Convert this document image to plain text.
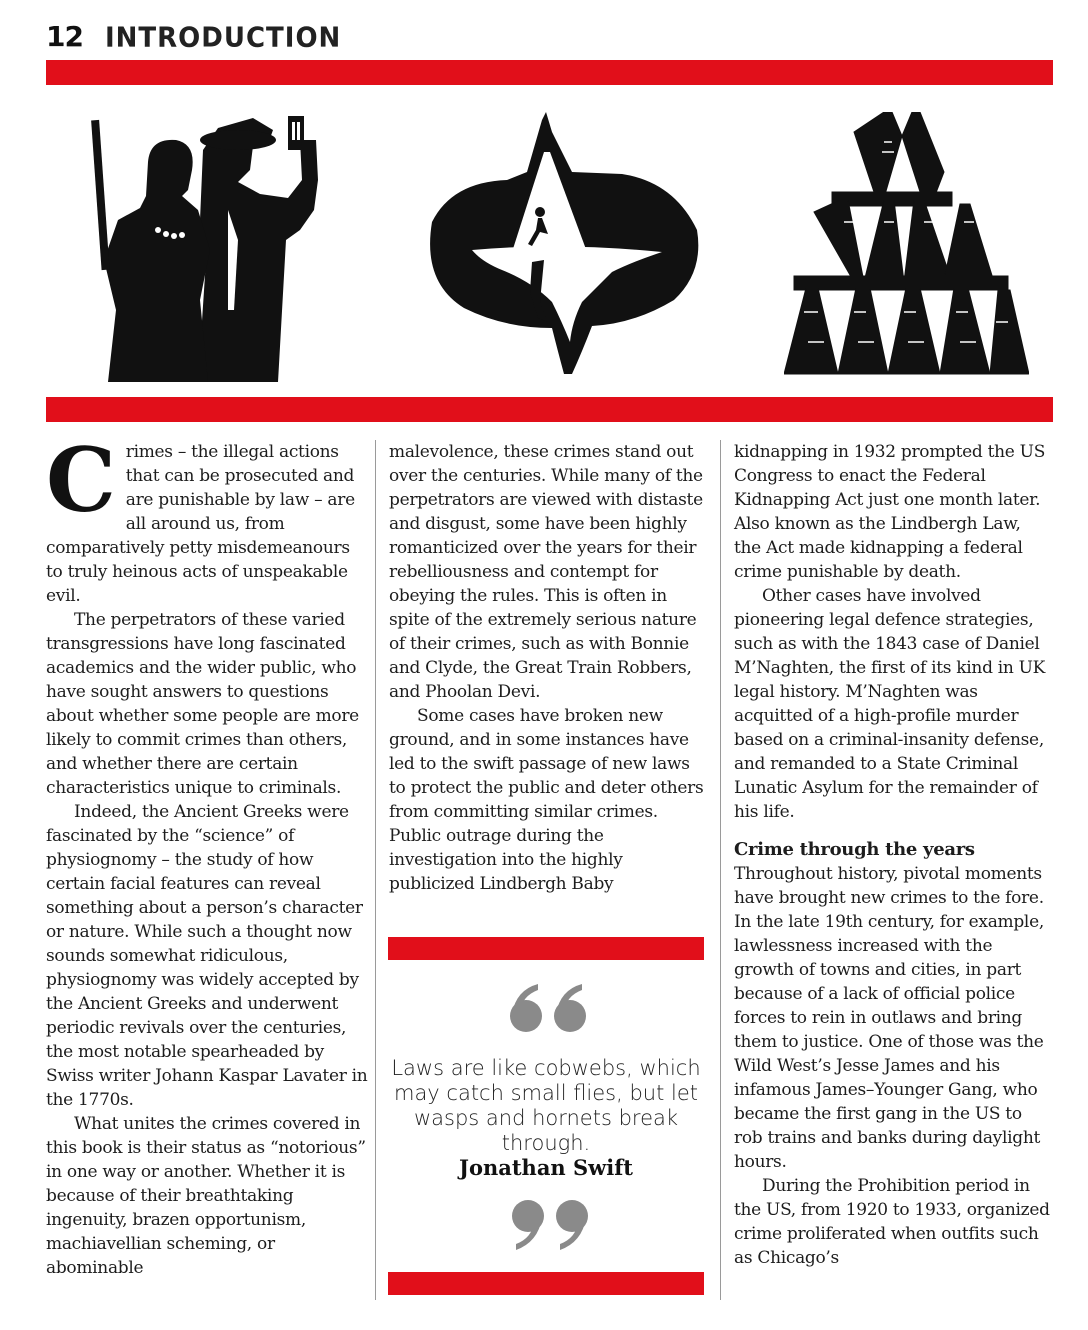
12 INTRODUCTION

Crimes – the illegal actions that can be prosecuted and are punishable by law – are all around us, from comparatively petty misdemeanours to truly heinous acts of unspeakable evil.

The perpetrators of these varied transgressions have long fascinated academics and the wider public, who have sought answers to questions about whether some people are more likely to commit crimes than others, and whether there are certain characteristics unique to criminals.

Indeed, the Ancient Greeks were fascinated by the “science” of physiognomy – the study of how certain facial features can reveal something about a person’s character or nature. While such a thought now sounds somewhat ridiculous, physiognomy was widely accepted by the Ancient Greeks and underwent periodic revivals over the centuries, the most notable spearheaded by Swiss writer Johann Kaspar Lavater in the 1770s.

What unites the crimes covered in this book is their status as “notorious” in one way or another. Whether it is because of their breathtaking ingenuity, brazen opportunism, machiavellian scheming, or abominable

malevolence, these crimes stand out over the centuries. While many of the perpetrators are viewed with distaste and disgust, some have been highly romanticized over the years for their rebelliousness and contempt for obeying the rules. This is often in spite of the extremely serious nature of their crimes, such as with Bonnie and Clyde, the Great Train Robbers, and Phoolan Devi.

Some cases have broken new ground, and in some instances have led to the swift passage of new laws to protect the public and deter others from committing similar crimes. Public outrage during the investigation into the highly publicized Lindbergh Baby

Laws are like cobwebs, which may catch small flies, but let wasps and hornets break through.
Jonathan Swift

kidnapping in 1932 prompted the US Congress to enact the Federal Kidnapping Act just one month later. Also known as the Lindbergh Law, the Act made kidnapping a federal crime punishable by death.

Other cases have involved pioneering legal defence strategies, such as with the 1843 case of Daniel M’Naghten, the first of its kind in UK legal history. M’Naghten was acquitted of a high-profile murder based on a criminal-insanity defense, and remanded to a State Criminal Lunatic Asylum for the remainder of his life.

Crime through the years

Throughout history, pivotal moments have brought new crimes to the fore. In the late 19th century, for example, lawlessness increased with the growth of towns and cities, in part because of a lack of official police forces to rein in outlaws and bring them to justice. One of those was the Wild West’s Jesse James and his infamous James–Younger Gang, who became the first gang in the US to rob trains and banks during daylight hours.

During the Prohibition period in the US, from 1920 to 1933, organized crime proliferated when outfits such as Chicago’s
